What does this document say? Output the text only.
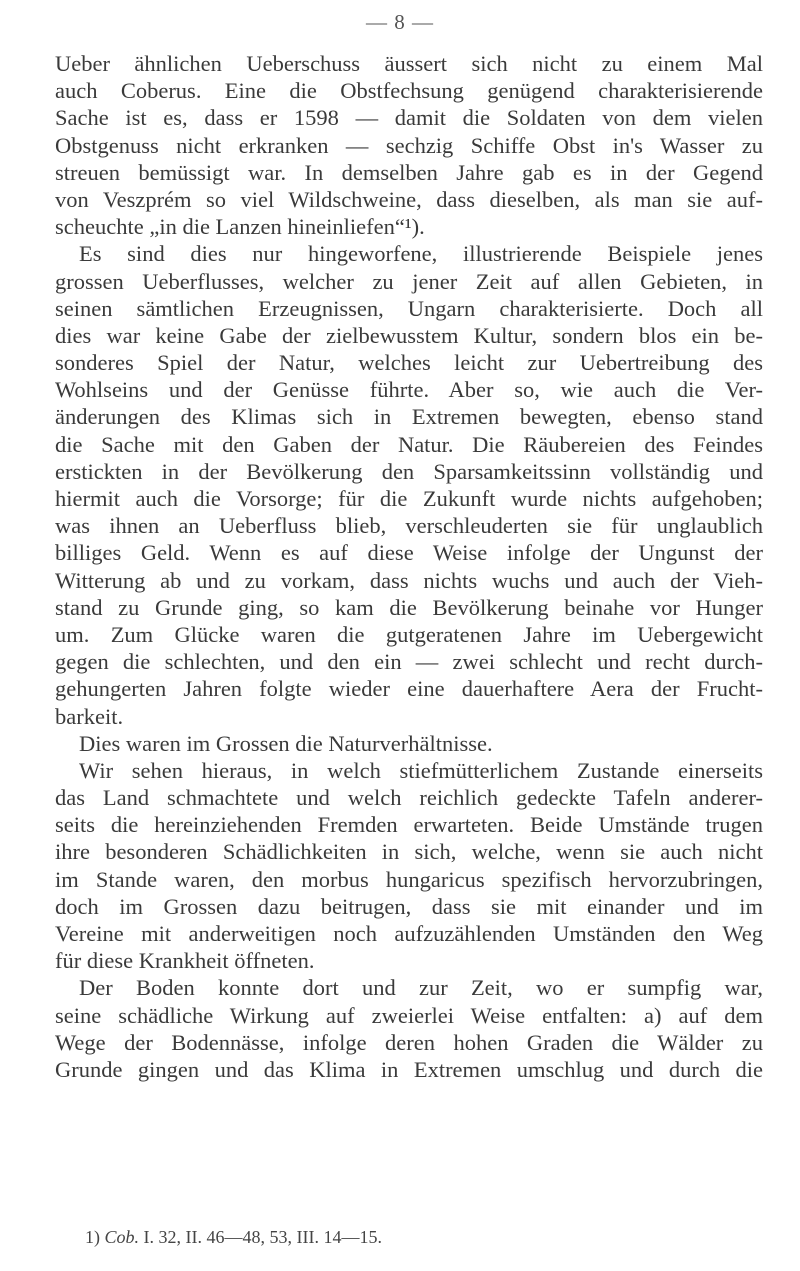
— 8 —
Ueber ähnlichen Ueberschuss äussert sich nicht zu einem Mal
auch Coberus. Eine die Obstfechsung genügend charakterisierende
Sache ist es, dass er 1598 — damit die Soldaten von dem vielen
Obstgenuss nicht erkranken — sechzig Schiffe Obst in's Wasser zu
streuen bemüssigt war. In demselben Jahre gab es in der Gegend
von Veszprém so viel Wildschweine, dass dieselben, als man sie auf-
scheuchte „in die Lanzen hineinliefen“¹).
Es sind dies nur hingeworfene, illustrierende Beispiele jenes
grossen Ueberflusses, welcher zu jener Zeit auf allen Gebieten, in
seinen sämtlichen Erzeugnissen, Ungarn charakterisierte. Doch all
dies war keine Gabe der zielbewusstem Kultur, sondern blos ein be-
sonderes Spiel der Natur, welches leicht zur Uebertreibung des
Wohlseins und der Genüsse führte. Aber so, wie auch die Ver-
änderungen des Klimas sich in Extremen bewegten, ebenso stand
die Sache mit den Gaben der Natur. Die Räubereien des Feindes
erstickten in der Bevölkerung den Sparsamkeitssinn vollständig und
hiermit auch die Vorsorge; für die Zukunft wurde nichts aufgehoben;
was ihnen an Ueberfluss blieb, verschleuderten sie für unglaublich
billiges Geld. Wenn es auf diese Weise infolge der Ungunst der
Witterung ab und zu vorkam, dass nichts wuchs und auch der Vieh-
stand zu Grunde ging, so kam die Bevölkerung beinahe vor Hunger
um. Zum Glücke waren die gutgeratenen Jahre im Uebergewicht
gegen die schlechten, und den ein — zwei schlecht und recht durch-
gehungerten Jahren folgte wieder eine dauerhaftere Aera der Frucht-
barkeit.
Dies waren im Grossen die Naturverhältnisse.
Wir sehen hieraus, in welch stiefmütterlichem Zustande einerseits
das Land schmachtete und welch reichlich gedeckte Tafeln anderer-
seits die hereinziehenden Fremden erwarteten. Beide Umstände trugen
ihre besonderen Schädlichkeiten in sich, welche, wenn sie auch nicht
im Stande waren, den morbus hungaricus spezifisch hervorzubringen,
doch im Grossen dazu beitrugen, dass sie mit einander und im
Vereine mit anderweitigen noch aufzuzählenden Umständen den Weg
für diese Krankheit öffneten.
Der Boden konnte dort und zur Zeit, wo er sumpfig war,
seine schädliche Wirkung auf zweierlei Weise entfalten: a) auf dem
Wege der Bodennässe, infolge deren hohen Graden die Wälder zu
Grunde gingen und das Klima in Extremen umschlug und durch die
1) Cob. I. 32, II. 46—48, 53, III. 14—15.
